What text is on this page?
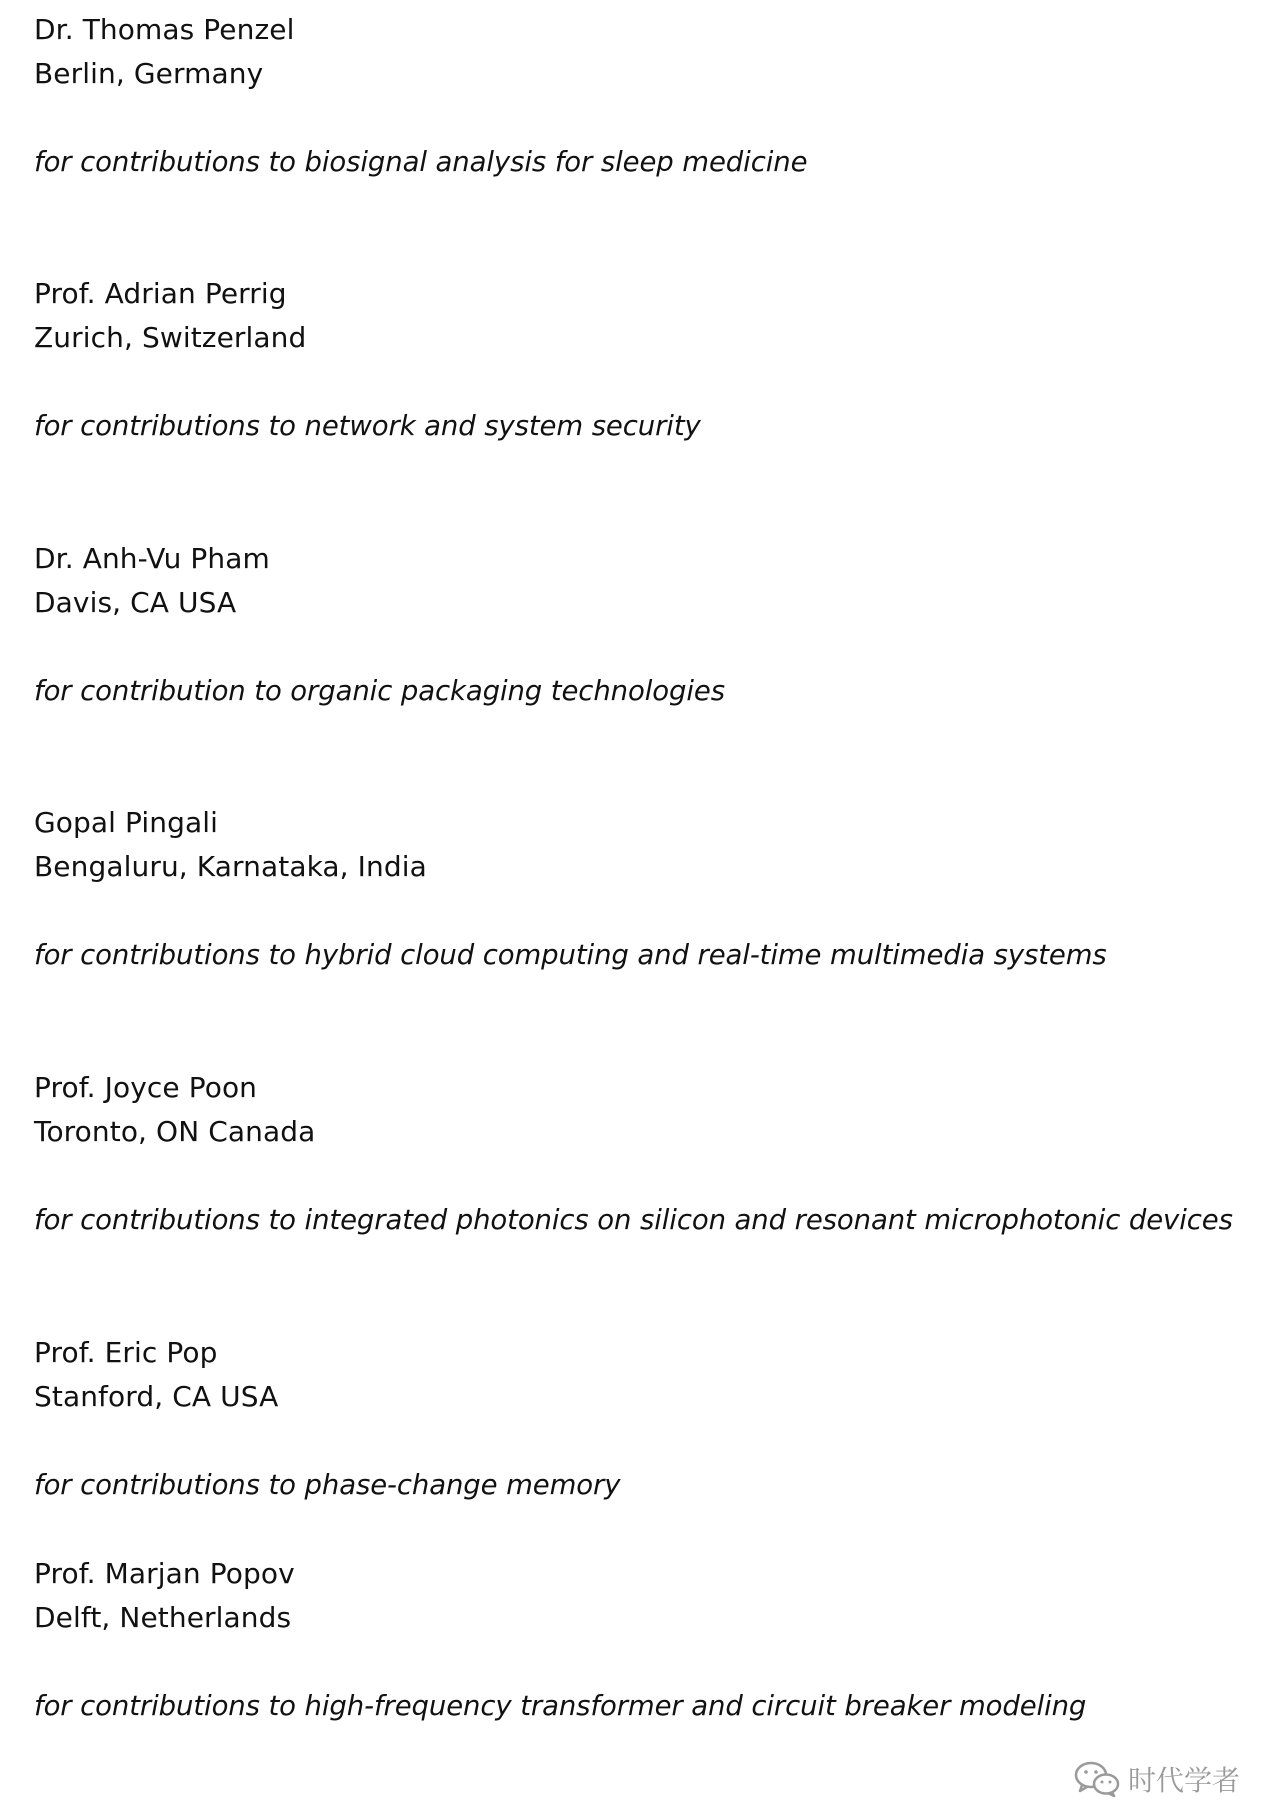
Dr. Thomas Penzel
Berlin, Germany
for contributions to biosignal analysis for sleep medicine
Prof. Adrian Perrig
Zurich, Switzerland
for contributions to network and system security
Dr. Anh-Vu Pham
Davis, CA USA
for contribution to organic packaging technologies
Gopal Pingali
Bengaluru, Karnataka, India
for contributions to hybrid cloud computing and real-time multimedia systems
Prof. Joyce Poon
Toronto, ON Canada
for contributions to integrated photonics on silicon and resonant microphotonic devices
Prof. Eric Pop
Stanford, CA USA
for contributions to phase-change memory
Prof. Marjan Popov
Delft, Netherlands
for contributions to high-frequency transformer and circuit breaker modeling
时代学者
